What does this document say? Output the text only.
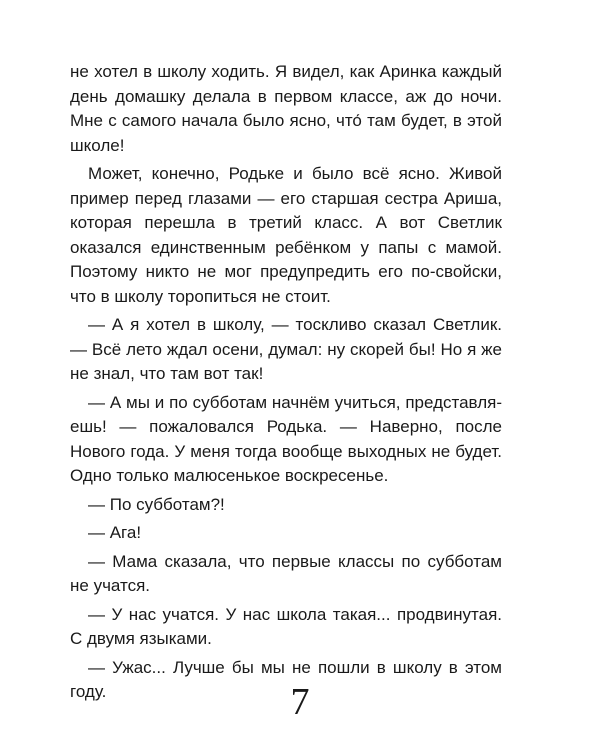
не хотел в школу ходить. Я видел, как Аринка каждый день домашку делала в первом классе, аж до ночи. Мне с самого начала было ясно, что́ там будет, в этой школе!

Может, конечно, Родьке и было всё ясно. Живой пример перед глазами — его старшая сестра Ариша, которая перешла в третий класс. А вот Светлик оказался единственным ребёнком у папы с мамой. Поэтому никто не мог предупредить его по-свойски, что в школу торопиться не стоит.

— А я хотел в школу, — тоскливо сказал Светлик. — Всё лето ждал осени, думал: ну скорей бы! Но я же не знал, что там вот так!

— А мы и по субботам начнём учиться, представляешь! — пожаловался Родька. — Наверно, после Нового года. У меня тогда вообще выходных не будет. Одно только малюсенькое воскресенье.

— По субботам?!

— Ага!

— Мама сказала, что первые классы по субботам не учатся.

— У нас учатся. У нас школа такая... продвинутая. С двумя языками.

— Ужас... Лучше бы мы не пошли в школу в этом году.	7
